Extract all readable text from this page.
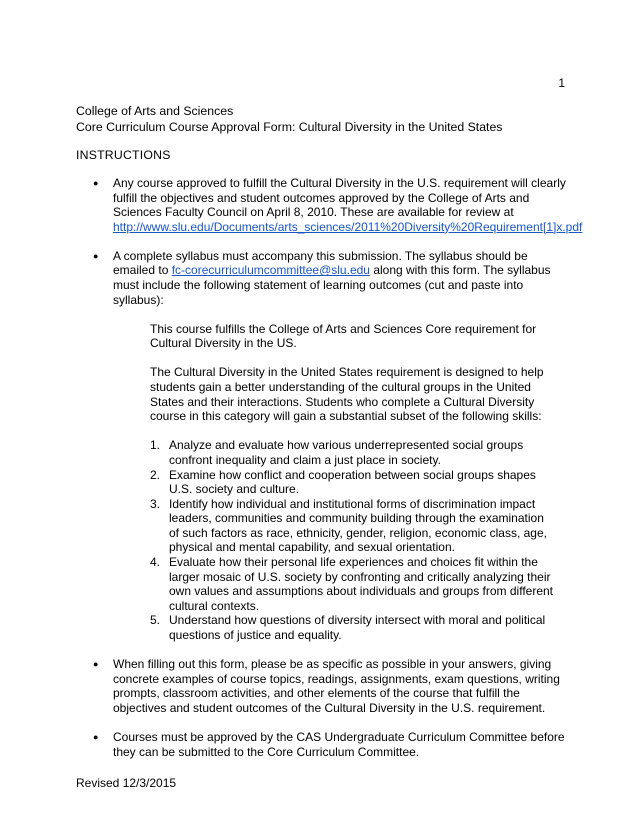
1
College of Arts and Sciences
Core Curriculum Course Approval Form: Cultural Diversity in the United States
INSTRUCTIONS
● Any course approved to fulfill the Cultural Diversity in the U.S. requirement will clearly fulfill the objectives and student outcomes approved by the College of Arts and Sciences Faculty Council on April 8, 2010. These are available for review at http://www.slu.edu/Documents/arts_sciences/2011%20Diversity%20Requirement[1]x.pdf
● A complete syllabus must accompany this submission. The syllabus should be emailed to fc-corecurriculumcommittee@slu.edu along with this form. The syllabus must include the following statement of learning outcomes (cut and paste into syllabus):

This course fulfills the College of Arts and Sciences Core requirement for Cultural Diversity in the US.

The Cultural Diversity in the United States requirement is designed to help students gain a better understanding of the cultural groups in the United States and their interactions. Students who complete a Cultural Diversity course in this category will gain a substantial subset of the following skills:

1. Analyze and evaluate how various underrepresented social groups confront inequality and claim a just place in society.
2. Examine how conflict and cooperation between social groups shapes U.S. society and culture.
3. Identify how individual and institutional forms of discrimination impact leaders, communities and community building through the examination of such factors as race, ethnicity, gender, religion, economic class, age, physical and mental capability, and sexual orientation.
4. Evaluate how their personal life experiences and choices fit within the larger mosaic of U.S. society by confronting and critically analyzing their own values and assumptions about individuals and groups from different cultural contexts.
5. Understand how questions of diversity intersect with moral and political questions of justice and equality.
● When filling out this form, please be as specific as possible in your answers, giving concrete examples of course topics, readings, assignments, exam questions, writing prompts, classroom activities, and other elements of the course that fulfill the objectives and student outcomes of the Cultural Diversity in the U.S. requirement.
● Courses must be approved by the CAS Undergraduate Curriculum Committee before they can be submitted to the Core Curriculum Committee.
Revised 12/3/2015
